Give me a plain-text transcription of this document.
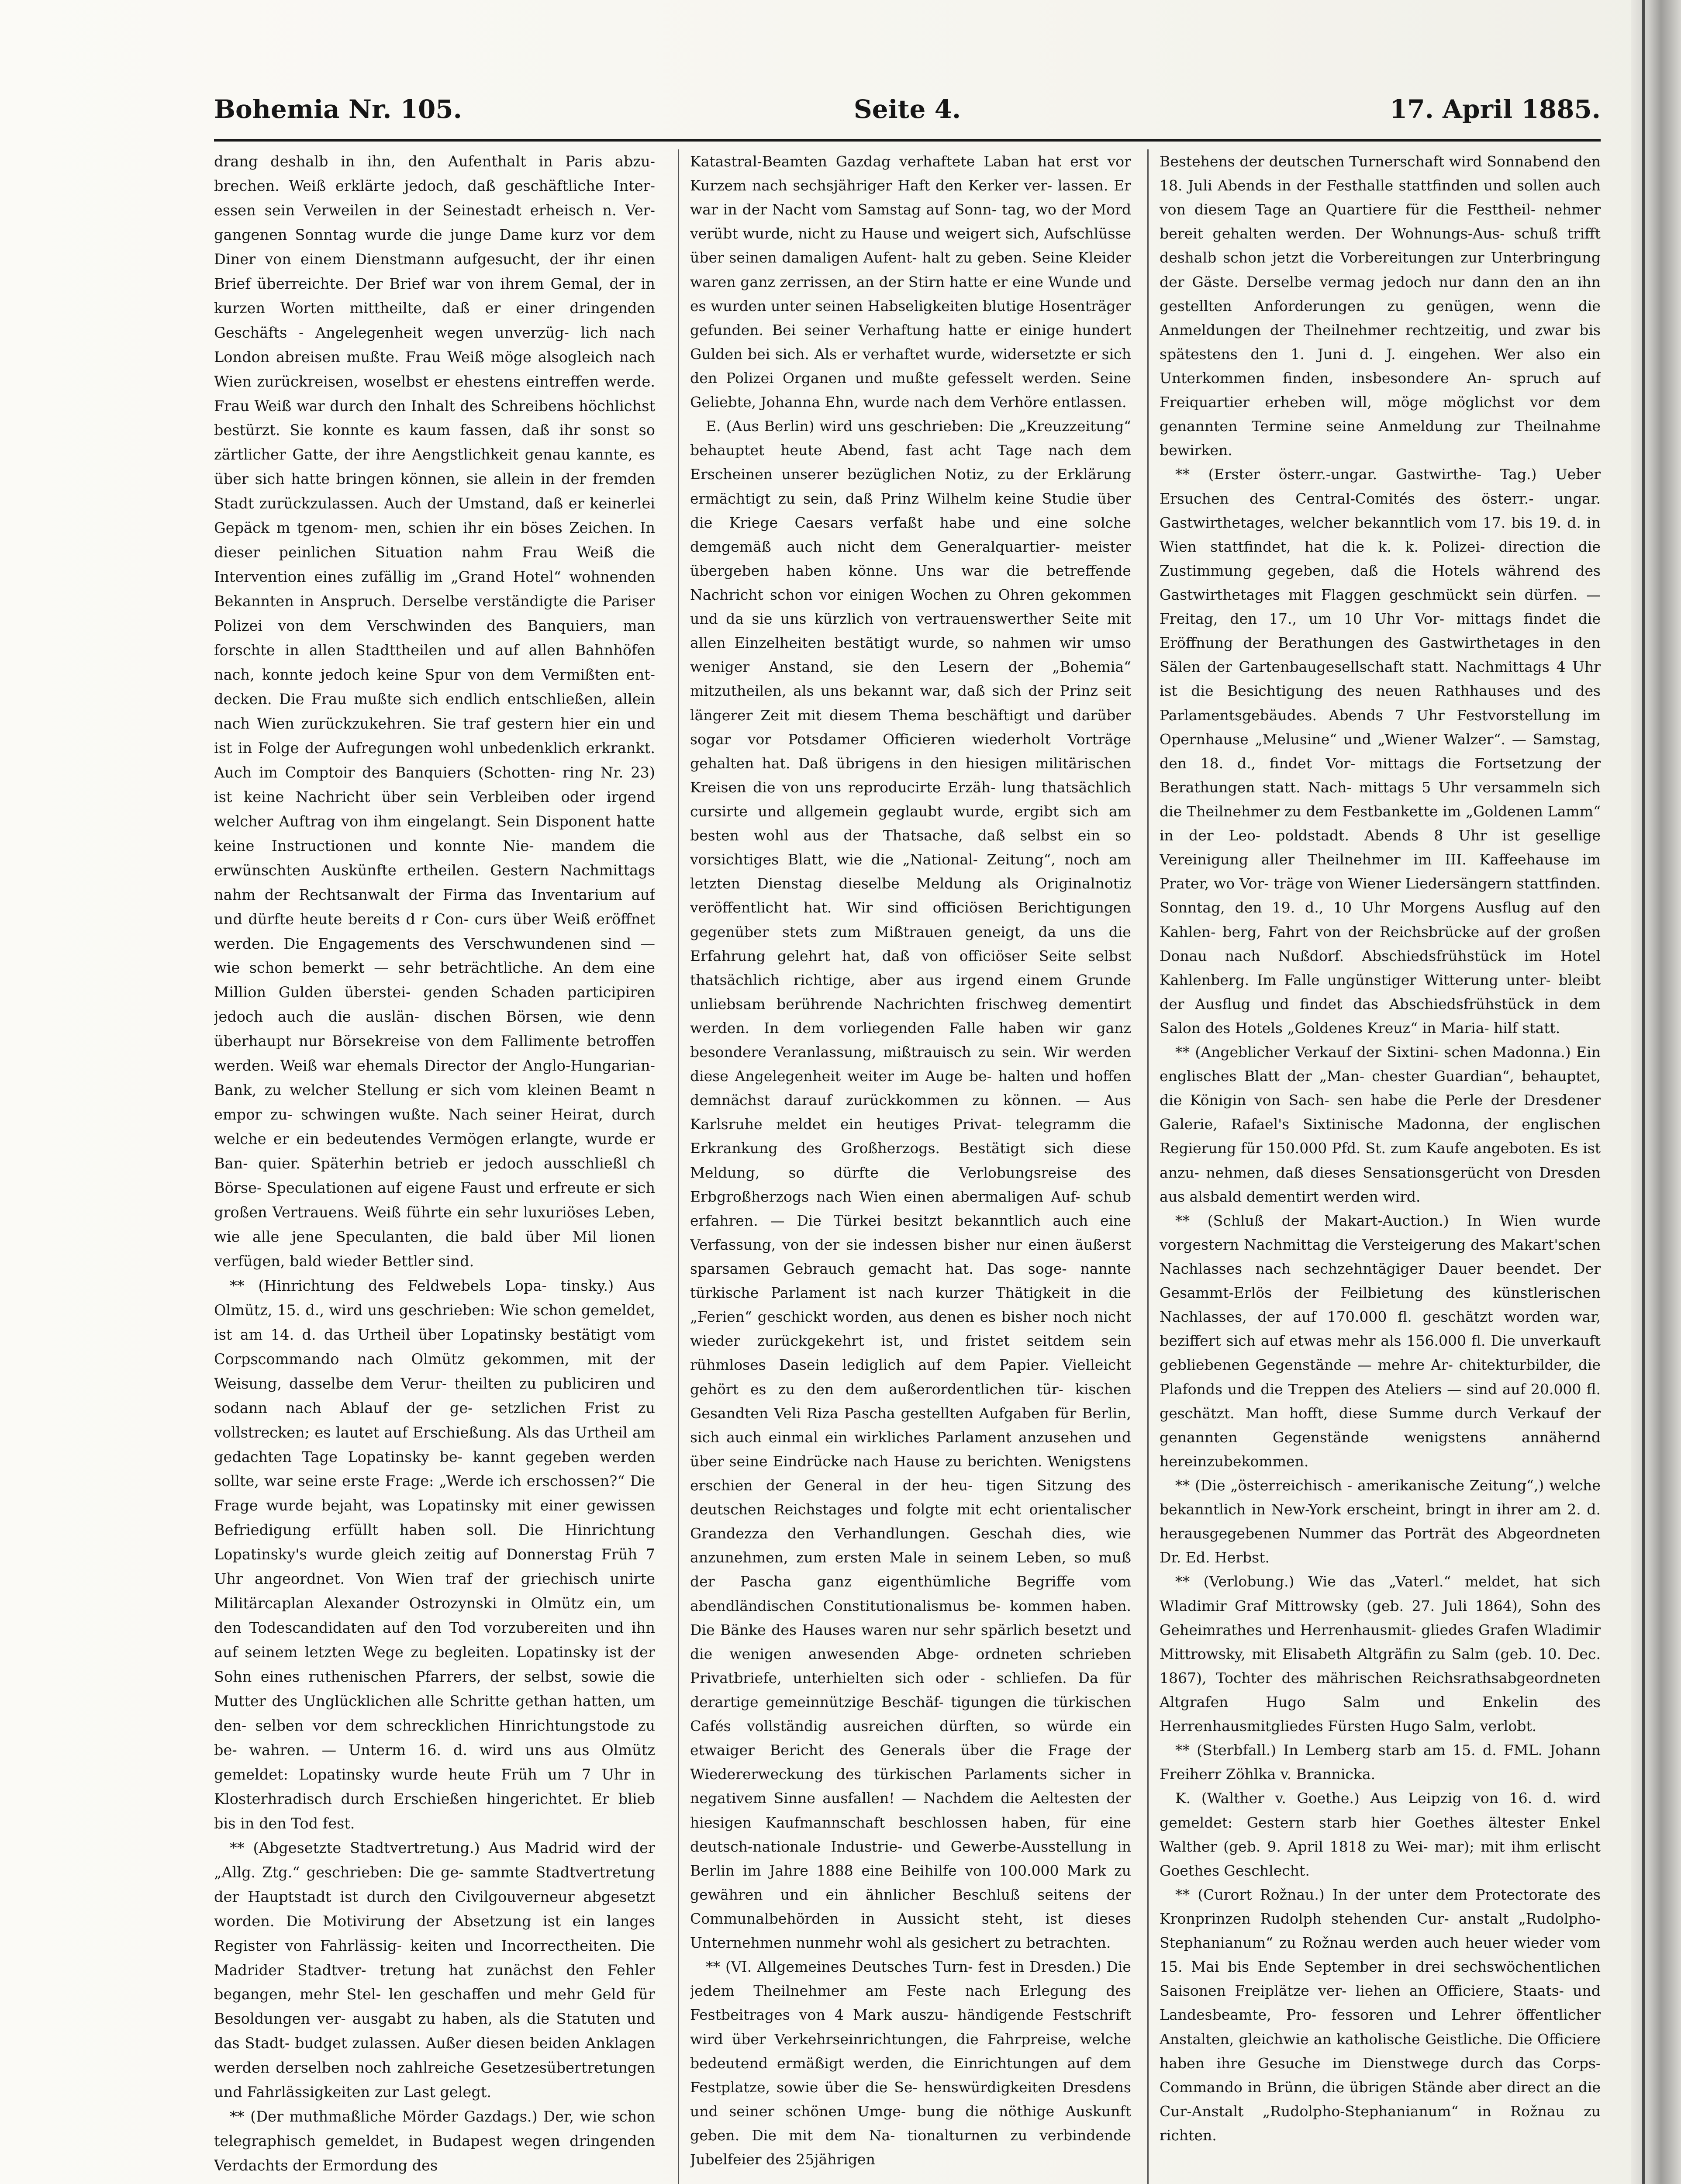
Bohemia Nr. 105.	Seite 4.	17. April 1885.

drang deshalb in ihn, den Aufenthalt in Paris abzu- brechen. Weiß erklärte jedoch, daß geschäftliche Inter- essen sein Verweilen in der Seinestadt erheisch n. Ver- gangenen Sonntag wurde die junge Dame kurz vor dem Diner von einem Dienstmann aufgesucht, der ihr einen Brief überreichte. Der Brief war von ihrem Gemal, der in kurzen Worten mittheilte, daß er einer dringenden Geschäfts - Angelegenheit wegen unverzüg- lich nach London abreisen mußte. Frau Weiß möge alsogleich nach Wien zurückreisen, woselbst er ehestens eintreffen werde. Frau Weiß war durch den Inhalt des Schreibens höchlichst bestürzt. Sie konnte es kaum fassen, daß ihr sonst so zärtlicher Gatte, der ihre Aengstlichkeit genau kannte, es über sich hatte bringen können, sie allein in der fremden Stadt zurückzulassen. Auch der Umstand, daß er keinerlei Gepäck m tgenom- men, schien ihr ein böses Zeichen. In dieser peinlichen Situation nahm Frau Weiß die Intervention eines zufällig im „Grand Hotel“ wohnenden Bekannten in Anspruch. Derselbe verständigte die Pariser Polizei von dem Verschwinden des Banquiers, man forschte in allen Stadttheilen und auf allen Bahnhöfen nach, konnte jedoch keine Spur von dem Vermißten ent- decken. Die Frau mußte sich endlich entschließen, allein nach Wien zurückzukehren. Sie traf gestern hier ein und ist in Folge der Aufregungen wohl unbedenklich erkrankt. Auch im Comptoir des Banquiers (Schotten- ring Nr. 23) ist keine Nachricht über sein Verbleiben oder irgend welcher Auftrag von ihm eingelangt. Sein Disponent hatte keine Instructionen und konnte Nie- mandem die erwünschten Auskünfte ertheilen. Gestern Nachmittags nahm der Rechtsanwalt der Firma das Inventarium auf und dürfte heute bereits d r Con- curs über Weiß eröffnet werden. Die Engagements des Verschwundenen sind — wie schon bemerkt — sehr beträchtliche. An dem eine Million Gulden überstei- genden Schaden participiren jedoch auch die auslän- dischen Börsen, wie denn überhaupt nur Börsekreise von dem Fallimente betroffen werden. Weiß war ehemals Director der Anglo-Hungarian-Bank, zu welcher Stellung er sich vom kleinen Beamt n empor zu- schwingen wußte. Nach seiner Heirat, durch welche er ein bedeutendes Vermögen erlangte, wurde er Ban- quier. Späterhin betrieb er jedoch ausschließl ch Börse- Speculationen auf eigene Faust und erfreute er sich großen Vertrauens. Weiß führte ein sehr luxuriöses Leben, wie alle jene Speculanten, die bald über Mil lionen verfügen, bald wieder Bettler sind.

** (Hinrichtung des Feldwebels Lopa- tinsky.) Aus Olmütz, 15. d., wird uns geschrieben: Wie schon gemeldet, ist am 14. d. das Urtheil über Lopatinsky bestätigt vom Corpscommando nach Olmütz gekommen, mit der Weisung, dasselbe dem Verur- theilten zu publiciren und sodann nach Ablauf der ge- setzlichen Frist zu vollstrecken; es lautet auf Erschießung. Als das Urtheil am gedachten Tage Lopatinsky be- kannt gegeben werden sollte, war seine erste Frage: „Werde ich erschossen?“ Die Frage wurde bejaht, was Lopatinsky mit einer gewissen Befriedigung erfüllt haben soll. Die Hinrichtung Lopatinsky's wurde gleich zeitig auf Donnerstag Früh 7 Uhr angeordnet. Von Wien traf der griechisch unirte Militärcaplan Alexander Ostrozynski in Olmütz ein, um den Todescandidaten auf den Tod vorzubereiten und ihn auf seinem letzten Wege zu begleiten. Lopatinsky ist der Sohn eines ruthenischen Pfarrers, der selbst, sowie die Mutter des Unglücklichen alle Schritte gethan hatten, um den- selben vor dem schrecklichen Hinrichtungstode zu be- wahren. — Unterm 16. d. wird uns aus Olmütz gemeldet: Lopatinsky wurde heute Früh um 7 Uhr in Klosterhradisch durch Erschießen hingerichtet. Er blieb bis in den Tod fest.

** (Abgesetzte Stadtvertretung.) Aus Madrid wird der „Allg. Ztg.“ geschrieben: Die ge- sammte Stadtvertretung der Hauptstadt ist durch den Civilgouverneur abgesetzt worden. Die Motivirung der Absetzung ist ein langes Register von Fahrlässig- keiten und Incorrectheiten. Die Madrider Stadtver- tretung hat zunächst den Fehler begangen, mehr Stel- len geschaffen und mehr Geld für Besoldungen ver- ausgabt zu haben, als die Statuten und das Stadt- budget zulassen. Außer diesen beiden Anklagen werden derselben noch zahlreiche Gesetzesübertretungen und Fahrlässigkeiten zur Last gelegt.

** (Der muthmaßliche Mörder Gazdags.) Der, wie schon telegraphisch gemeldet, in Budapest wegen dringenden Verdachts der Ermordung des

Katastral-Beamten Gazdag verhaftete Laban hat erst vor Kurzem nach sechsjähriger Haft den Kerker ver- lassen. Er war in der Nacht vom Samstag auf Sonn- tag, wo der Mord verübt wurde, nicht zu Hause und weigert sich, Aufschlüsse über seinen damaligen Aufent- halt zu geben. Seine Kleider waren ganz zerrissen, an der Stirn hatte er eine Wunde und es wurden unter seinen Habseligkeiten blutige Hosenträger gefunden. Bei seiner Verhaftung hatte er einige hundert Gulden bei sich. Als er verhaftet wurde, widersetzte er sich den Polizei Organen und mußte gefesselt werden. Seine Geliebte, Johanna Ehn, wurde nach dem Verhöre entlassen.

E. (Aus Berlin) wird uns geschrieben: Die „Kreuzzeitung“ behauptet heute Abend, fast acht Tage nach dem Erscheinen unserer bezüglichen Notiz, zu der Erklärung ermächtigt zu sein, daß Prinz Wilhelm keine Studie über die Kriege Caesars verfaßt habe und eine solche demgemäß auch nicht dem Generalquartier- meister übergeben haben könne. Uns war die betreffende Nachricht schon vor einigen Wochen zu Ohren gekommen und da sie uns kürzlich von vertrauenswerther Seite mit allen Einzelheiten bestätigt wurde, so nahmen wir umso weniger Anstand, sie den Lesern der „Bohemia“ mitzutheilen, als uns bekannt war, daß sich der Prinz seit längerer Zeit mit diesem Thema beschäftigt und darüber sogar vor Potsdamer Officieren wiederholt Vorträge gehalten hat. Daß übrigens in den hiesigen militärischen Kreisen die von uns reproducirte Erzäh- lung thatsächlich cursirte und allgemein geglaubt wurde, ergibt sich am besten wohl aus der Thatsache, daß selbst ein so vorsichtiges Blatt, wie die „National- Zeitung“, noch am letzten Dienstag dieselbe Meldung als Originalnotiz veröffentlicht hat. Wir sind officiösen Berichtigungen gegenüber stets zum Mißtrauen geneigt, da uns die Erfahrung gelehrt hat, daß von officiöser Seite selbst thatsächlich richtige, aber aus irgend einem Grunde unliebsam berührende Nachrichten frischweg dementirt werden. In dem vorliegenden Falle haben wir ganz besondere Veranlassung, mißtrauisch zu sein. Wir werden diese Angelegenheit weiter im Auge be- halten und hoffen demnächst darauf zurückkommen zu können. — Aus Karlsruhe meldet ein heutiges Privat- telegramm die Erkrankung des Großherzogs. Bestätigt sich diese Meldung, so dürfte die Verlobungsreise des Erbgroßherzogs nach Wien einen abermaligen Auf- schub erfahren. — Die Türkei besitzt bekanntlich auch eine Verfassung, von der sie indessen bisher nur einen äußerst sparsamen Gebrauch gemacht hat. Das soge- nannte türkische Parlament ist nach kurzer Thätigkeit in die „Ferien“ geschickt worden, aus denen es bisher noch nicht wieder zurückgekehrt ist, und fristet seitdem sein rühmloses Dasein lediglich auf dem Papier. Vielleicht gehört es zu den dem außerordentlichen tür- kischen Gesandten Veli Riza Pascha gestellten Aufgaben für Berlin, sich auch einmal ein wirkliches Parlament anzusehen und über seine Eindrücke nach Hause zu berichten. Wenigstens erschien der General in der heu- tigen Sitzung des deutschen Reichstages und folgte mit echt orientalischer Grandezza den Verhandlungen. Geschah dies, wie anzunehmen, zum ersten Male in seinem Leben, so muß der Pascha ganz eigenthümliche Begriffe vom abendländischen Constitutionalismus be- kommen haben. Die Bänke des Hauses waren nur sehr spärlich besetzt und die wenigen anwesenden Abge- ordneten schrieben Privatbriefe, unterhielten sich oder - schliefen. Da für derartige gemeinnützige Beschäf- tigungen die türkischen Cafés vollständig ausreichen dürften, so würde ein etwaiger Bericht des Generals über die Frage der Wiedererweckung des türkischen Parlaments sicher in negativem Sinne ausfallen! — Nachdem die Aeltesten der hiesigen Kaufmannschaft beschlossen haben, für eine deutsch-nationale Industrie- und Gewerbe-Ausstellung in Berlin im Jahre 1888 eine Beihilfe von 100.000 Mark zu gewähren und ein ähnlicher Beschluß seitens der Communalbehörden in Aussicht steht, ist dieses Unternehmen nunmehr wohl als gesichert zu betrachten.

** (VI. Allgemeines Deutsches Turn- fest in Dresden.) Die jedem Theilnehmer am Feste nach Erlegung des Festbeitrages von 4 Mark auszu- händigende Festschrift wird über Verkehrseinrichtungen, die Fahrpreise, welche bedeutend ermäßigt werden, die Einrichtungen auf dem Festplatze, sowie über die Se- henswürdigkeiten Dresdens und seiner schönen Umge- bung die nöthige Auskunft geben. Die mit dem Na- tionalturnen zu verbindende Jubelfeier des 25jährigen

Bestehens der deutschen Turnerschaft wird Sonnabend den 18. Juli Abends in der Festhalle stattfinden und sollen auch von diesem Tage an Quartiere für die Festtheil- nehmer bereit gehalten werden. Der Wohnungs-Aus- schuß trifft deshalb schon jetzt die Vorbereitungen zur Unterbringung der Gäste. Derselbe vermag jedoch nur dann den an ihn gestellten Anforderungen zu genügen, wenn die Anmeldungen der Theilnehmer rechtzeitig, und zwar bis spätestens den 1. Juni d. J. eingehen. Wer also ein Unterkommen finden, insbesondere An- spruch auf Freiquartier erheben will, möge möglichst vor dem genannten Termine seine Anmeldung zur Theilnahme bewirken.

** (Erster österr.-ungar. Gastwirthe- Tag.) Ueber Ersuchen des Central-Comités des österr.- ungar. Gastwirthetages, welcher bekanntlich vom 17. bis 19. d. in Wien stattfindet, hat die k. k. Polizei- direction die Zustimmung gegeben, daß die Hotels während des Gastwirthetages mit Flaggen geschmückt sein dürfen. — Freitag, den 17., um 10 Uhr Vor- mittags findet die Eröffnung der Berathungen des Gastwirthetages in den Sälen der Gartenbaugesellschaft statt. Nachmittags 4 Uhr ist die Besichtigung des neuen Rathhauses und des Parlamentsgebäudes. Abends 7 Uhr Festvorstellung im Opernhause „Melusine“ und „Wiener Walzer“. — Samstag, den 18. d., findet Vor- mittags die Fortsetzung der Berathungen statt. Nach- mittags 5 Uhr versammeln sich die Theilnehmer zu dem Festbankette im „Goldenen Lamm“ in der Leo- poldstadt. Abends 8 Uhr ist gesellige Vereinigung aller Theilnehmer im III. Kaffeehause im Prater, wo Vor- träge von Wiener Liedersängern stattfinden. Sonntag, den 19. d., 10 Uhr Morgens Ausflug auf den Kahlen- berg, Fahrt von der Reichsbrücke auf der großen Donau nach Nußdorf. Abschiedsfrühstück im Hotel Kahlenberg. Im Falle ungünstiger Witterung unter- bleibt der Ausflug und findet das Abschiedsfrühstück in dem Salon des Hotels „Goldenes Kreuz“ in Maria- hilf statt.

** (Angeblicher Verkauf der Sixtini- schen Madonna.) Ein englisches Blatt der „Man- chester Guardian“, behauptet, die Königin von Sach- sen habe die Perle der Dresdener Galerie, Rafael's Sixtinische Madonna, der englischen Regierung für 150.000 Pfd. St. zum Kaufe angeboten. Es ist anzu- nehmen, daß dieses Sensationsgerücht von Dresden aus alsbald dementirt werden wird.

** (Schluß der Makart-Auction.) In Wien wurde vorgestern Nachmittag die Versteigerung des Makart'schen Nachlasses nach sechzehntägiger Dauer beendet. Der Gesammt-Erlös der Feilbietung des künstlerischen Nachlasses, der auf 170.000 fl. geschätzt worden war, beziffert sich auf etwas mehr als 156.000 fl. Die unverkauft gebliebenen Gegenstände — mehre Ar- chitekturbilder, die Plafonds und die Treppen des Ateliers — sind auf 20.000 fl. geschätzt. Man hofft, diese Summe durch Verkauf der genannten Gegenstände wenigstens annähernd hereinzubekommen.

** (Die „österreichisch - amerikanische Zeitung“,) welche bekanntlich in New-York erscheint, bringt in ihrer am 2. d. herausgegebenen Nummer das Porträt des Abgeordneten Dr. Ed. Herbst.

** (Verlobung.) Wie das „Vaterl.“ meldet, hat sich Wladimir Graf Mittrowsky (geb. 27. Juli 1864), Sohn des Geheimrathes und Herrenhausmit- gliedes Grafen Wladimir Mittrowsky, mit Elisabeth Altgräfin zu Salm (geb. 10. Dec. 1867), Tochter des mährischen Reichsrathsabgeordneten Altgrafen Hugo Salm und Enkelin des Herrenhausmitgliedes Fürsten Hugo Salm, verlobt.

** (Sterbfall.) In Lemberg starb am 15. d. FML. Johann Freiherr Zöhlka v. Brannicka.

K. (Walther v. Goethe.) Aus Leipzig von 16. d. wird gemeldet: Gestern starb hier Goethes ältester Enkel Walther (geb. 9. April 1818 zu Wei- mar); mit ihm erlischt Goethes Geschlecht.

** (Curort Rožnau.) In der unter dem Protectorate des Kronprinzen Rudolph stehenden Cur- anstalt „Rudolpho-Stephanianum“ zu Rožnau werden auch heuer wieder vom 15. Mai bis Ende September in drei sechswöchentlichen Saisonen Freiplätze ver- liehen an Officiere, Staats- und Landesbeamte, Pro- fessoren und Lehrer öffentlicher Anstalten, gleichwie an katholische Geistliche. Die Officiere haben ihre Gesuche im Dienstwege durch das Corps-Commando in Brünn, die übrigen Stände aber direct an die Cur-Anstalt „Rudolpho-Stephanianum“ in Rožnau zu richten.
